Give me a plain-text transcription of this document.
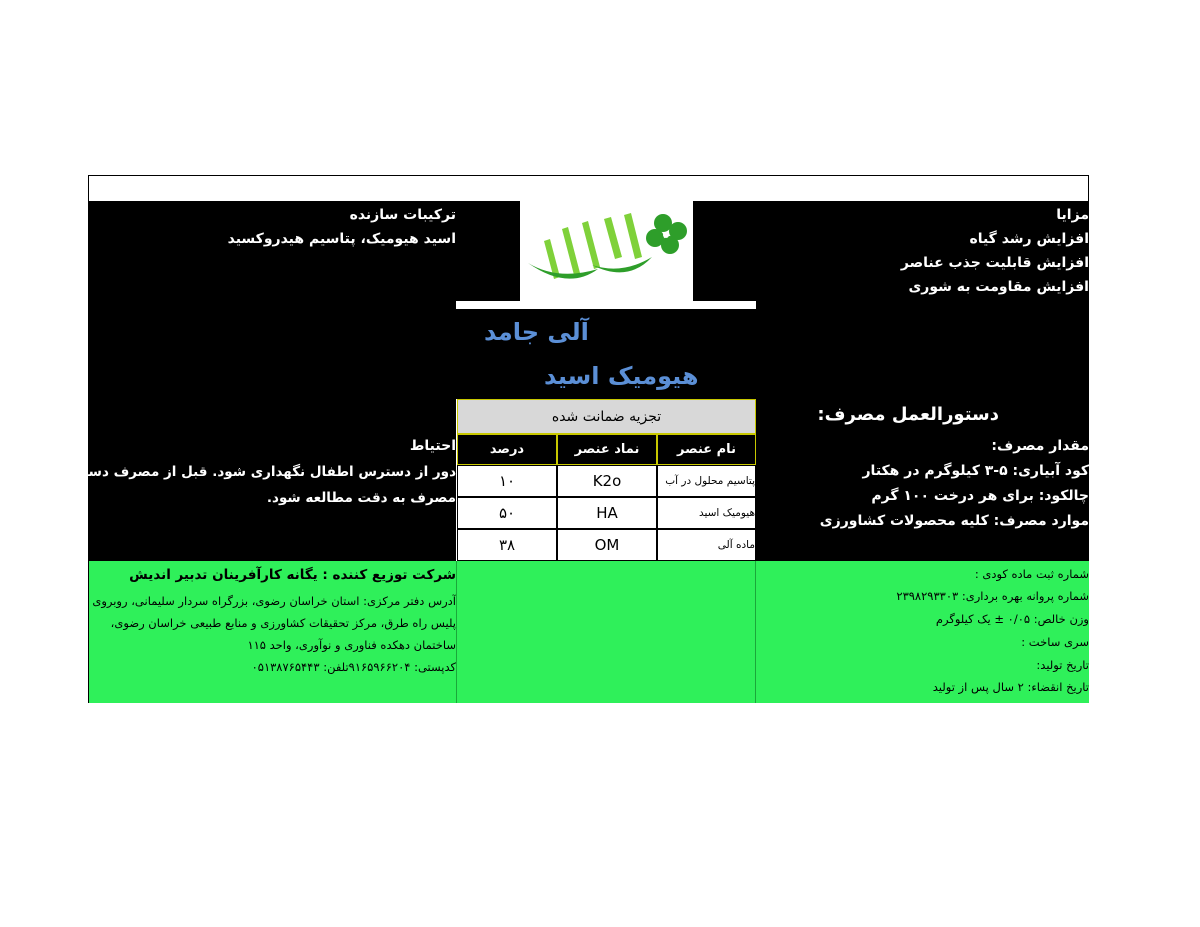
تركيبات سازنده
اسید هیومیک، پتاسیم هیدروکسید
احتیاط
دور از دسترس اطفال نگهداری شود. قبل از مصرف دستورالعمل
مصرف به دقت مطالعه شود.
آلی جامد
هیومیک اسید
تجزیه ضمانت شده
درصد	نماد عنصر	نام عنصر
۱۰	K2o	پتاسیم محلول در آب
۵۰	HA	هیومیک اسید
۳۸	OM	ماده آلی
مزایا
افزایش رشد گیاه
افزایش قابلیت جذب عناصر
افزایش مقاومت به شوری
دستورالعمل مصرف:
مقدار مصرف:
کود آبیاری: ۵-۳ کیلوگرم در هکتار
چالکود: برای هر درخت ۱۰۰ گرم
موارد مصرف: کلیه محصولات کشاورزی
شرکت توزیع کننده : یگانه کارآفرینان تدبیر اندیش
آدرس دفتر مرکزی: استان خراسان رضوی، بزرگراه سردار سلیمانی، روبروی
پلیس راه طرق، مرکز تحقیقات کشاورزی و منابع طبیعی خراسان رضوی،
ساختمان دهکده فناوری و نوآوری، واحد ۱۱۵
کدپستی: ۹۱۶۵۹۶۶۲۰۴تلفن: ۰۵۱۳۸۷۶۵۴۴۳
شماره ثبت ماده کودی :
شماره پروانه بهره برداری: ۲۳۹۸۲۹۳۳۰۳
وزن خالص: ۰/۰۵ ± یک کیلوگرم
سری ساخت :
تاریخ تولید:
تاریخ انقضاء: ۲ سال پس از تولید
